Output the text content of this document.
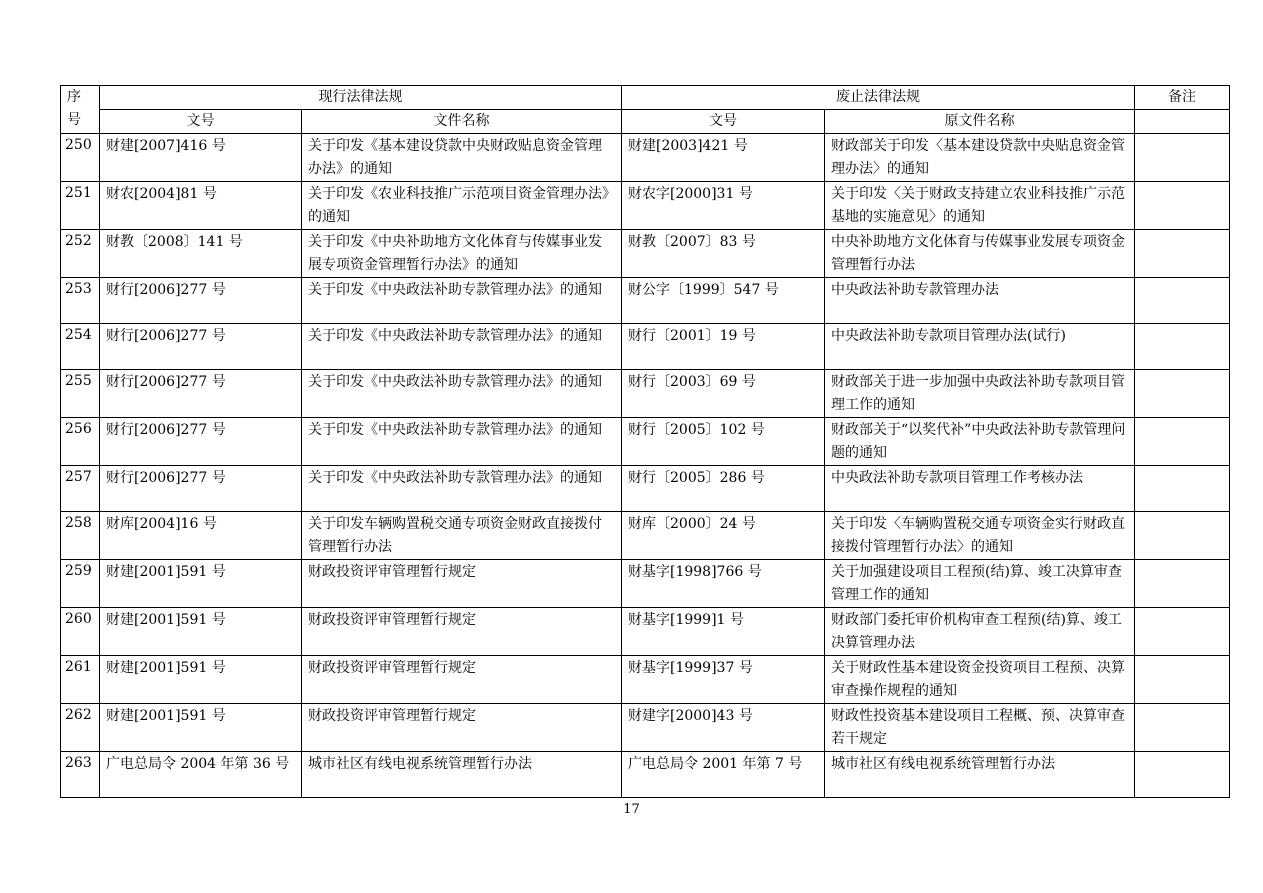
序
号	现行法律法规		废止法律法规		备注
	文号	文件名称	文号	原文件名称	
250	财建[2007]416 号	关于印发《基本建设贷款中央财政贴息资金管理办法》的通知	财建[2003]421 号	财政部关于印发〈基本建设贷款中央贴息资金管理办法〉的通知	
251	财农[2004]81 号	关于印发《农业科技推广示范项目资金管理办法》的通知	财农字[2000]31 号	关于印发〈关于财政支持建立农业科技推广示范基地的实施意见〉的通知	
252	财教〔2008〕141 号	关于印发《中央补助地方文化体育与传媒事业发展专项资金管理暂行办法》的通知	财教〔2007〕83 号	中央补助地方文化体育与传媒事业发展专项资金管理暂行办法	
253	财行[2006]277 号	关于印发《中央政法补助专款管理办法》的通知	财公字〔1999〕547 号	中央政法补助专款管理办法	
254	财行[2006]277 号	关于印发《中央政法补助专款管理办法》的通知	财行〔2001〕19 号	中央政法补助专款项目管理办法(试行)	
255	财行[2006]277 号	关于印发《中央政法补助专款管理办法》的通知	财行〔2003〕69 号	财政部关于进一步加强中央政法补助专款项目管理工作的通知	
256	财行[2006]277 号	关于印发《中央政法补助专款管理办法》的通知	财行〔2005〕102 号	财政部关于“以奖代补”中央政法补助专款管理问题的通知	
257	财行[2006]277 号	关于印发《中央政法补助专款管理办法》的通知	财行〔2005〕286 号	中央政法补助专款项目管理工作考核办法	
258	财库[2004]16 号	关于印发车辆购置税交通专项资金财政直接拨付管理暂行办法	财库〔2000〕24 号	关于印发〈车辆购置税交通专项资金实行财政直接拨付管理暂行办法〉的通知	
259	财建[2001]591 号	财政投资评审管理暂行规定	财基字[1998]766 号	关于加强建设项目工程预(结)算、竣工决算审查管理工作的通知	
260	财建[2001]591 号	财政投资评审管理暂行规定	财基字[1999]1 号	财政部门委托审价机构审查工程预(结)算、竣工决算管理办法	
261	财建[2001]591 号	财政投资评审管理暂行规定	财基字[1999]37 号	关于财政性基本建设资金投资项目工程预、决算审查操作规程的通知	
262	财建[2001]591 号	财政投资评审管理暂行规定	财建字[2000]43 号	财政性投资基本建设项目工程概、预、决算审查若干规定	
263	广电总局令 2004 年第 36 号	城市社区有线电视系统管理暂行办法	广电总局令 2001 年第 7 号	城市社区有线电视系统管理暂行办法	
17
